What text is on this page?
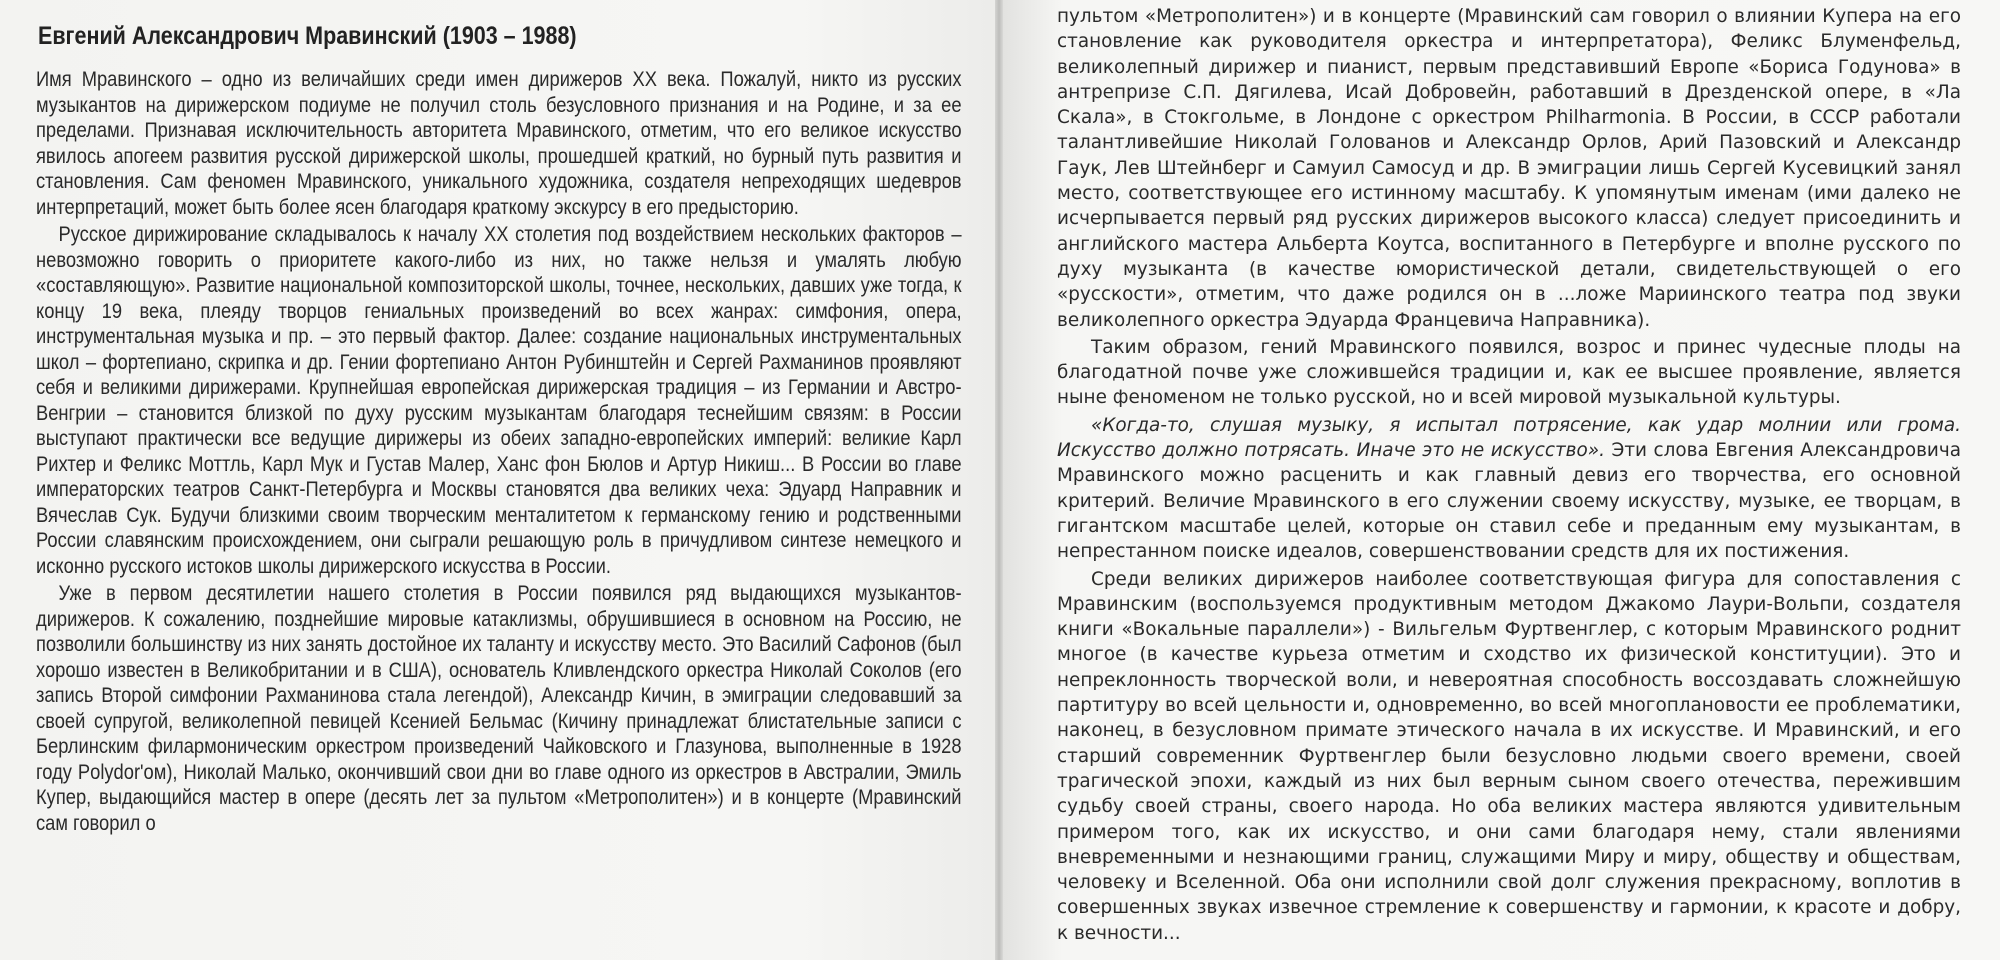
Евгений Александрович Мравинский (1903 – 1988)

Имя Мравинского – одно из величайших среди имен дирижеров XX века. Пожалуй, никто из русских музыкантов на дирижерском подиуме не получил столь безусловного признания и на Родине, и за ее пределами. Признавая исключительность авторитета Мравинского, отметим, что его великое искусство явилось апогеем развития русской дирижерской школы, прошедшей краткий, но бурный путь развития и становления. Сам феномен Мравинского, уникального художника, создателя непреходящих шедевров интерпретаций, может быть более ясен благодаря краткому экскурсу в его предысторию.

Русское дирижирование складывалось к началу XX столетия под воздействием нескольких факторов – невозможно говорить о приоритете какого-либо из них, но также нельзя и умалять любую «составляющую». Развитие национальной композиторской школы, точнее, нескольких, давших уже тогда, к концу 19 века, плеяду творцов гениальных произведений во всех жанрах: симфония, опера, инструментальная музыка и пр. – это первый фактор. Далее: создание национальных инструментальных школ – фортепиано, скрипка и др. Гении фортепиано Антон Рубинштейн и Сергей Рахманинов проявляют себя и великими дирижерами. Крупнейшая европейская дирижерская традиция – из Германии и Австро-Венгрии – становится близкой по духу русским музыкантам благодаря теснейшим связям: в России выступают практически все ведущие дирижеры из обеих западно-европейских империй: великие Карл Рихтер и Феликс Моттль, Карл Мук и Густав Малер, Ханс фон Бюлов и Артур Никиш... В России во главе императорских театров Санкт-Петербурга и Москвы становятся два великих чеха: Эдуард Направник и Вячеслав Сук. Будучи близкими своим творческим менталитетом к германскому гению и родственными России славянским происхождением, они сыграли решающую роль в причудливом синтезе немецкого и исконно русского истоков школы дирижерского искусства в России.

Уже в первом десятилетии нашего столетия в России появился ряд выдающихся музыкантов-дирижеров. К сожалению, позднейшие мировые катаклизмы, обрушившиеся в основном на Россию, не позволили большинству из них занять достойное их таланту и искусству место. Это Василий Сафонов (был хорошо известен в Великобритании и в США), основатель Кливлендского оркестра Николай Соколов (его запись Второй симфонии Рахманинова стала легендой), Александр Кичин, в эмиграции следовавший за своей супругой, великолепной певицей Ксенией Бельмас (Кичину принадлежат блистательные записи с Берлинским филармоническим оркестром произведений Чайковского и Глазунова, выполненные в 1928 году Polydor'ом), Николай Малько, окончивший свои дни во главе одного из оркестров в Австралии, Эмиль Купер, выдающийся мастер в опере (десять лет за пультом «Метрополитен») и в концерте (Мравинский сам говорил о

пультом «Метрополитен») и в концерте (Мравинский сам говорил о влиянии Купера на его становление как руководителя оркестра и интерпретатора), Феликс Блуменфельд, великолепный дирижер и пианист, первым представивший Европе «Бориса Годунова» в антрепризе С.П. Дягилева, Исай Добровейн, работавший в Дрезденской опере, в «Ла Скала», в Стокгольме, в Лондоне с оркестром Philharmonia. В России, в СССР работали талантливейшие Николай Голованов и Александр Орлов, Арий Пазовский и Александр Гаук, Лев Штейнберг и Самуил Самосуд и др. В эмиграции лишь Сергей Кусевицкий занял место, соответствующее его истинному масштабу. К упомянутым именам (ими далеко не исчерпывается первый ряд русских дирижеров высокого класса) следует присоединить и английского мастера Альберта Коутса, воспитанного в Петербурге и вполне русского по духу музыканта (в качестве юмористической детали, свидетельствующей о его «русскости», отметим, что даже родился он в ...ложе Мариинского театра под звуки великолепного оркестра Эдуарда Францевича Направника).

Таким образом, гений Мравинского появился, возрос и принес чудесные плоды на благодатной почве уже сложившейся традиции и, как ее высшее проявление, является ныне феноменом не только русской, но и всей мировой музыкальной культуры.

«Когда-то, слушая музыку, я испытал потрясение, как удар молнии или грома. Искусство должно потрясать. Иначе это не искусство». Эти слова Евгения Александровича Мравинского можно расценить и как главный девиз его творчества, его основной критерий. Величие Мравинского в его служении своему искусству, музыке, ее творцам, в гигантском масштабе целей, которые он ставил себе и преданным ему музыкантам, в непрестанном поиске идеалов, совершенствовании средств для их постижения.

Среди великих дирижеров наиболее соответствующая фигура для сопоставления с Мравинским (воспользуемся продуктивным методом Джакомо Лаури-Вольпи, создателя книги «Вокальные параллели») - Вильгельм Фуртвенглер, с которым Мравинского роднит многое (в качестве курьеза отметим и сходство их физической конституции). Это и непреклонность творческой воли, и невероятная способность воссоздавать сложнейшую партитуру во всей цельности и, одновременно, во всей многоплановости ее проблематики, наконец, в безусловном примате этического начала в их искусстве. И Мравинский, и его старший современник Фуртвенглер были безусловно людьми своего времени, своей трагической эпохи, каждый из них был верным сыном своего отечества, пережившим судьбу своей страны, своего народа. Но оба великих мастера являются удивительным примером того, как их искусство, и они сами благодаря нему, стали явлениями вневременными и незнающими границ, служащими Миру и миру, обществу и обществам, человеку и Вселенной. Оба они исполнили свой долг служения прекрасному, воплотив в совершенных звуках извечное стремление к совершенству и гармонии, к красоте и добру, к вечности...
